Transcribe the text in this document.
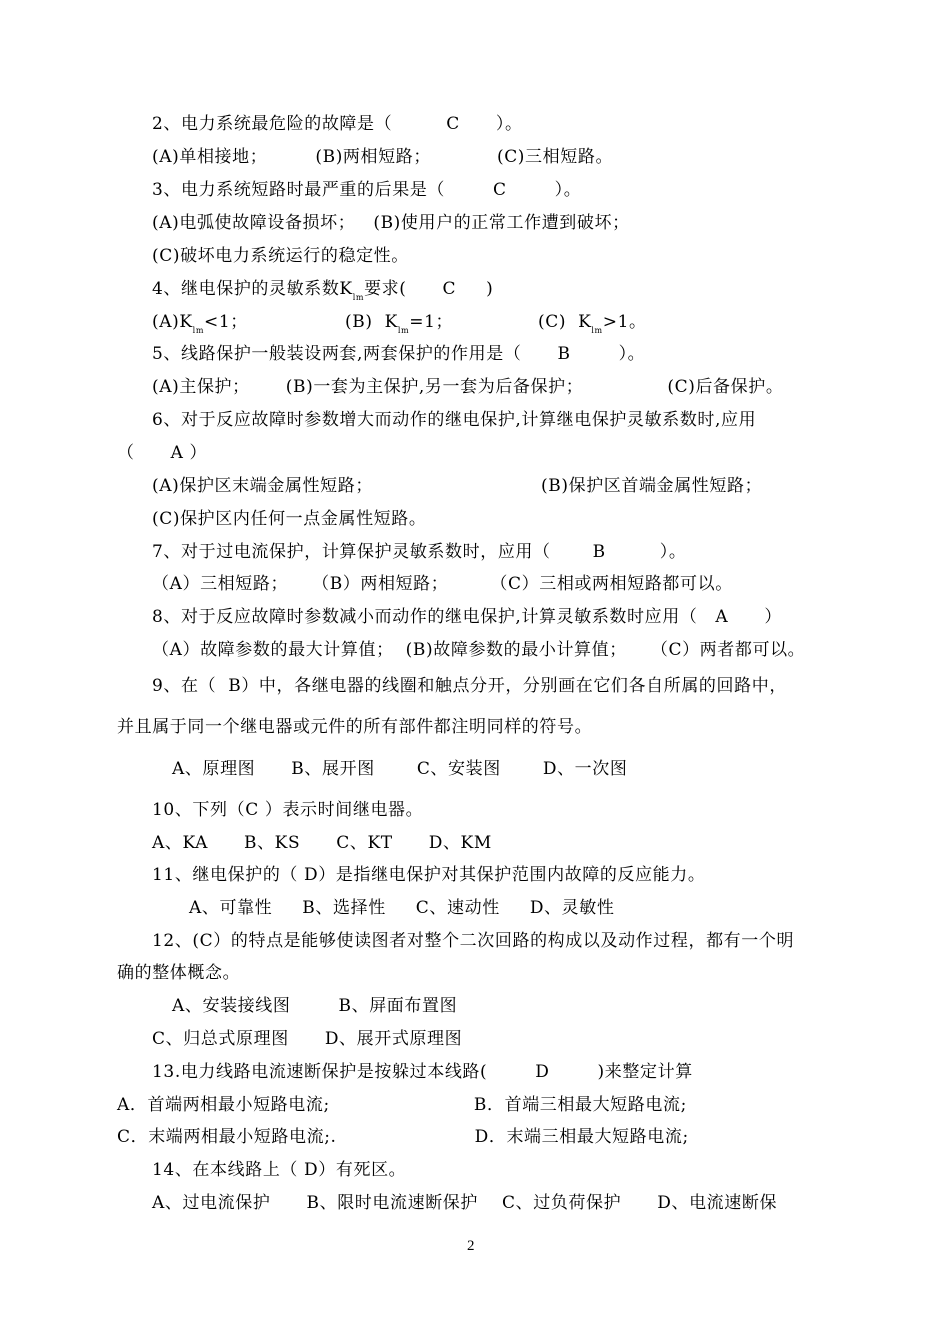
2、电力系统最危险的故障是（         C      ）。
(A)单相接地；        (B)两相短路；           (C)三相短路。
3、电力系统短路时最严重的后果是（        C        ）。
(A)电弧使故障设备损坏；   (B)使用户的正常工作遭到破坏；
(C)破坏电力系统运行的稳定性。
4、继电保护的灵敏系数$K_{lm}$要求(      C     )
$(A)K_{lm}<1$；	(B)  $K_{lm}=1$；	(C)  $K_{lm}>1$。
5、线路保护一般装设两套,两套保护的作用是（      B        ）。
(A)主保护；      (B)一套为主保护,另一套为后备保护；              (C)后备保护。
6、对于反应故障时参数增大而动作的继电保护,计算继电保护灵敏系数时,应用
（      A ）
(A)保护区末端金属性短路；                            (B)保护区首端金属性短路；
(C)保护区内任何一点金属性短路。
7、对于过电流保护，计算保护灵敏系数时，应用（       B         ）。
（A）三相短路；    （B）两相短路；       （C）三相或两相短路都可以。
8、对于反应故障时参数减小而动作的继电保护,计算灵敏系数时应用（   A      ）
（A）故障参数的最大计算值；  (B)故障参数的最小计算值；    （C）两者都可以。
9、在（  B）中，各继电器的线圈和触点分开，分别画在它们各自所属的回路中，
并且属于同一个继电器或元件的所有部件都注明同样的符号。
A、原理图      B、展开图       C、安装图       D、一次图
10、下列（C ）表示时间继电器。
A、KA      B、KS      C、KT      D、KM
11、继电保护的（ D）是指继电保护对其保护范围内故障的反应能力。
A、可靠性     B、选择性     C、速动性     D、灵敏性
12、(C）的特点是能够使读图者对整个二次回路的构成以及动作过程，都有一个明
确的整体概念。
A、安装接线图        B、屏面布置图
C、归总式原理图      D、展开式原理图
13.电力线路电流速断保护是按躲过本线路(        D        )来整定计算
A．首端两相最小短路电流;                        B．首端三相最大短路电流;
C．末端两相最小短路电流;.                       D．末端三相最大短路电流;
14、在本线路上（ D）有死区。
A、过电流保护      B、限时电流速断保护    C、过负荷保护      D、电流速断保
2
